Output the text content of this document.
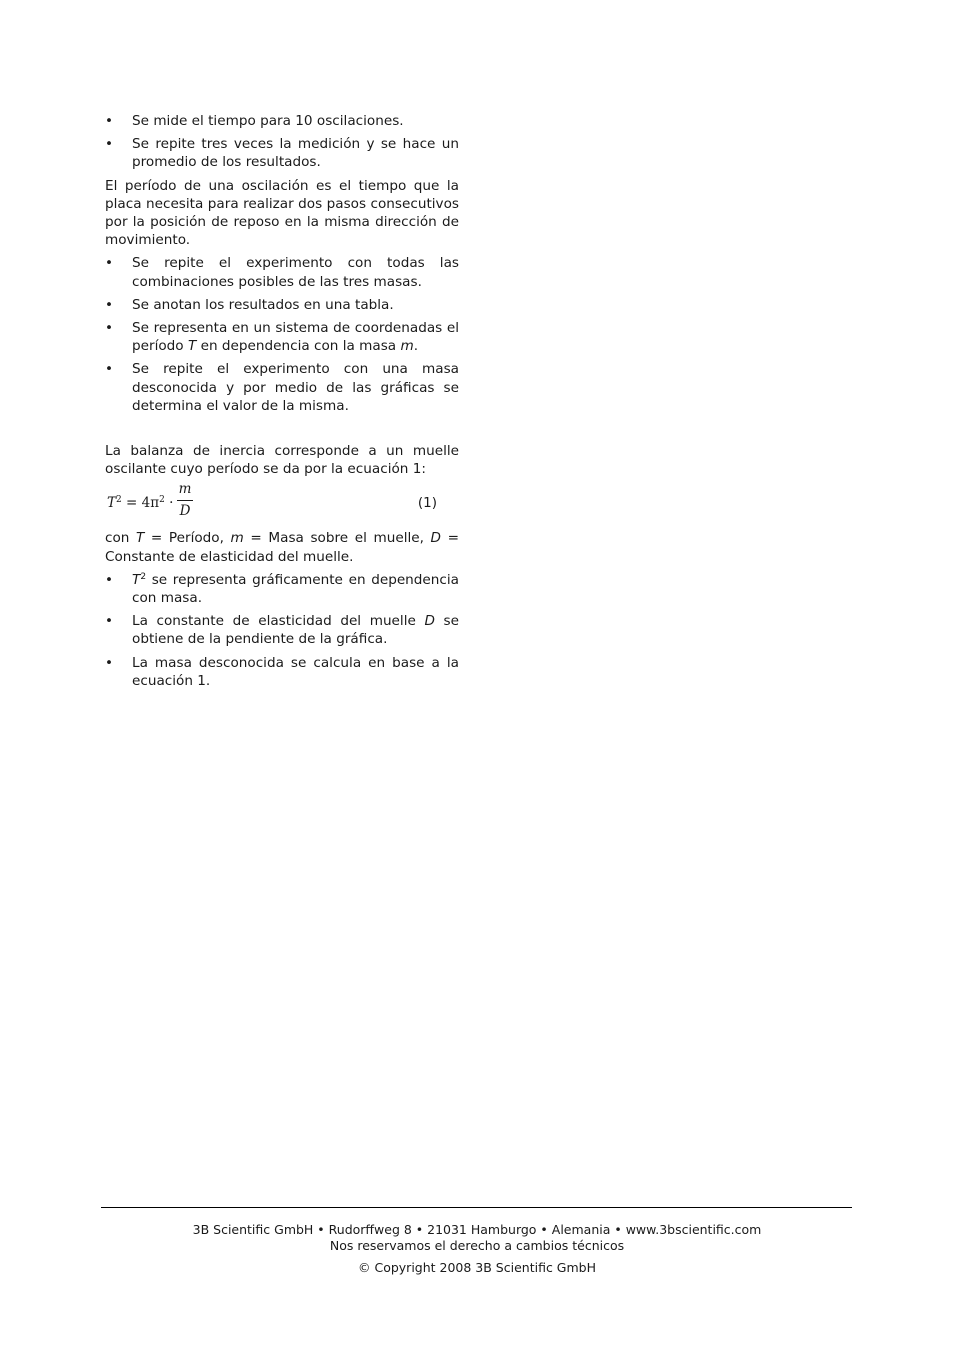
• Se mide el tiempo para 10 oscilaciones.
• Se repite tres veces la medición y se hace un promedio de los resultados.

El período de una oscilación es el tiempo que la placa necesita para realizar dos pasos consecutivos por la posición de reposo en la misma dirección de movimiento.

• Se repite el experimento con todas las combinaciones posibles de las tres masas.
• Se anotan los resultados en una tabla.
• Se representa en un sistema de coordenadas el período T en dependencia con la masa m.
• Se repite el experimento con una masa desconocida y por medio de las gráficas se determina el valor de la misma.

La balanza de inercia corresponde a un muelle oscilante cuyo período se da por la ecuación 1:

$T^2 = 4\pi^2$ ·
m
D	(1)

con T = Período, m = Masa sobre el muelle, D = Constante de elasticidad del muelle.

• $T^2$ se representa gráficamente en dependencia con masa.
• La constante de elasticidad del muelle D se obtiene de la pendiente de la gráfica.
• La masa desconocida se calcula en base a la ecuación 1.
3B Scientific GmbH • Rudorffweg 8 • 21031 Hamburgo • Alemania • www.3bscientific.com
Nos reservamos el derecho a cambios técnicos
© Copyright 2008 3B Scientific GmbH
